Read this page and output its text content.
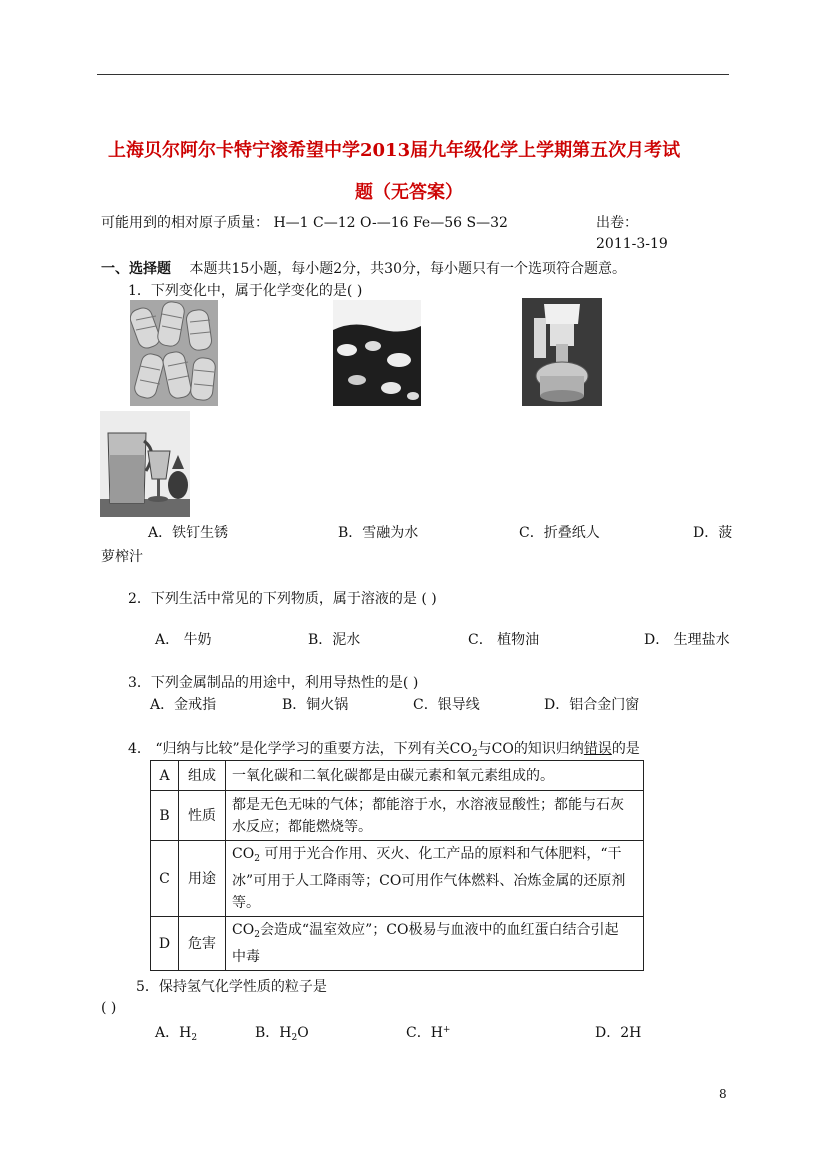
上海贝尔阿尔卡特宁滚希望中学2013届九年级化学上学期第五次月考试
题（无答案）
可能用到的相对原子质量： H—1 C—12 O-—16 Fe—56 S—32	出卷：
2011-3-19
一、选择题 本题共15小题，每小题2分，共30分，每小题只有一个选项符合题意。
1．下列变化中，属于化学变化的是( )
A．铁钉生锈	B．雪融为水	C．折叠纸人	D．菠
萝榨汁
2．下列生活中常见的下列物质，属于溶液的是 ( )
A． 牛奶	B．泥水	C． 植物油	D． 生理盐水
3．下列金属制品的用途中，利用导热性的是( )
A．金戒指	B．铜火锅	C．银导线	D．铝合金门窗
4． “归纳与比较”是化学学习的重要方法，下列有关$CO_2$与CO的知识归纳错误的是
A	组成	一氧化碳和二氧化碳都是由碳元素和氧元素组成的。
B	性质	都是无色无味的气体；都能溶于水，水溶液显酸性；都能与石灰
水反应；都能燃烧等。

C	用途	$CO_2$ 可用于光合作用、灭火、化工产品的原料和气体肥料，“干
冰”可用于人工降雨等；CO可用作气体燃料、冶炼金属的还原剂
等。

D	危害	$CO_2$会造成“温室效应”；CO极易与血液中的血红蛋白结合引起
中毒
5．保持氢气化学性质的粒子是
( )
A．$H_2$	B．$H_2O$	C．H+	D．2H
8
